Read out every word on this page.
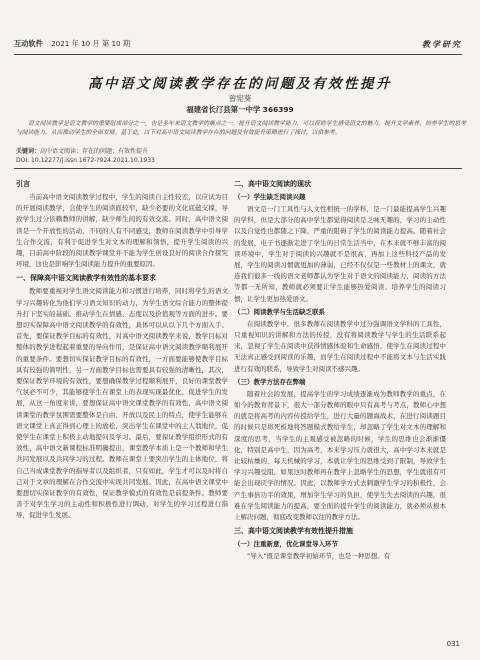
互动软件 2021 年 10 月 第 10 期	教学研究
高中语文阅读教学存在的问题及有效性提升
曾宪葵
福建省长汀县第一中学 366399
语文阅读教学是语文教学的重要组成部分之一，也是多年来语文教学的难点之一。提升语文阅读教学能力，可以帮助学生感受语文的魅力，提升文学素养，培养学生的思考与阅读能力，从而推动学生的全面发展。基于此，以下对高中语文阅读教学存在的问题及有效提升策略进行了探讨，以供参考。
关键词：高中语文阅读；存在的问题；有效性提升
DOI: 10.12277/j.issn.1672-?924.2021.10.1933
引言

当前高中语文阅读教学过程中，学生的阅读自主性较差，以应试为目的开展阅读教学，会使学生的阅读面较窄，缺少必要的文化底蕴支撑，导致学生过分依赖教师的讲解，缺少师生间的有效交流。同时，高中语文阅读是一个开放性的活动，不同的人有不同感受，教师在阅读教学中引导学生合作交流，有利于促进学生对文本的理解和领悟，提升学生阅读的兴趣，目前高中阶段的阅读教学课堂并不能为学生创设良好的阅读合作探究环境，这也是影响学生阅读能力提升的重要原因。

一、保障高中语文阅读教学有效性的基本要求

教师要重视对学生语文阅读能力和习惯进行培养，同时将学生的语文学习兴趣转化为他们学习语文知识的动力，为学生语文综合能力的整体提升打下坚实的基础。推动学生在情感、态度以及价值观等方面的进步。要想切实保障高中语文阅读教学的有效性，具体可以从以下几个方面入手。首先，要保证教学目标的有效性，对高中语文阅读教学来说，教学目标对整体的教学进程起着重要的导向作用，是保证高中语文阅读教学顺利展开的重要条件。要想切实保证教学目标的有效性，一方面要能够使教学目标具有较强的简明性，另一方面教学目标也需要具有较强的清晰性，其次，要保证教学环境的有效性，要想确保教学过程顺利展开，良好的课堂教学气氛必不可少，其能够使学生在课堂上的表现实现最优化，促进学生的发展，从这一角度来讲，要想保证高中语文课堂教学的有效性，高中语文阅读课堂的教学氛围需要整体是自由、开放以及民主的特点，使学生能够在语文课堂上真正得到心理上的放松，突出学生在课堂中的主人翁地位，促使学生在课堂上积极主动地提问及学习。最后，要保证教学组织形式的有效性，高中语文新课程标准明确提出，课堂教学本质上是一个教师和学生共同发展以及共同学习的过程。教师在课堂上要突出学生的主体地位，将自己当成课堂教学的指导者以及组织者，只有如此，学生才可以及时将自己对于文章的理解在合作交流中实现共同发展。因此，在高中语文课堂中要想切实保证教学的有效性，保证教学模式的有效性是前提条件。教师要善于对学生学习的主动性和积极性进行调动，对学生的学习过程进行指导，促进学生发展。

二、高中语文阅读的现状
（一）学生缺乏阅读兴趣

语文是一门工具性与人文性相统一的学科，是一门最能提高学生兴趣的学科，但是大部分的高中学生都觉得阅读是乏味无趣的，学习的主动性以及自觉性也都随之下降，严重的阻碍了学生的阅读能力提高。随着社会的发展，电子书逐渐走进了学生的日常生活当中，在本来就不够丰富的阅读环境中，学生对于阅读的兴趣就不是很高，再加上这些科技产品的发展，学生的阅读习惯就更加的薄弱，已经不仅仅是一些教材上的课文，就连我们很多一线的语文老师都认为学生对于语文的阅读能力，阅读的方法等都一无所知，教师就必须要让学生能够热爱阅读、培养学生的阅读习惯，让学生更加热爱语文。

（二）阅读教学与生活缺乏联系

在阅读教学中，很多教师在阅读教学中过分强调语文学科的工具性，只重视知识的讲解和方法的传授，没有将阅读教学与学生的生活联系起来，忽视了学生在阅读中获得情感体验和生命感悟，使学生在阅读过程中无法真正感受到阅读的乐趣，而学生在阅读过程中不能将文本与生活实践进行有效的联系，导致学生对阅读不感兴趣。

（三）教学方法存在弊端

随着社会的发展，提高学生的学习成绩逐渐成为教师教学的重点，在如今的教育背景下，很大一部分教师的眼中只有高考与考点，教师心中想的就是将高考的内容传授给学生，进行大量的题海战术，在进行阅读题目的时候只是将死板地将答题模式教给学生，却忽略了学生对文本的理解和深度的思考，当学生的主观感受被忽略的时候，学生的思维也会渐渐僵化，特别是高中生，因为高考，本来学习压力就很大，高中学习本来就是比较枯燥的，每天机械的学习，本就让学生的思维受到了限制，导致学生学习兴趣受阻，如果这时教师再在教学上忽略学生的思想，学生就很有可能会出现厌学的情况。因此，以教师学方式去刺激学生学习的积极性，会产生事倍功半的效果，增加学生学习的负担，使学生失去阅读的兴趣，很难在学生阅读能力的提高，要全面的提升学生的阅读能力，就必须从根本上解决问题，彻底改变教师以往的教学方法。

三、高中语文阅读教学有效性提升措施
（一）注重新意，优化课堂导入环节

“导入”既是课堂教学初始环节，也是一种思想。有

031
